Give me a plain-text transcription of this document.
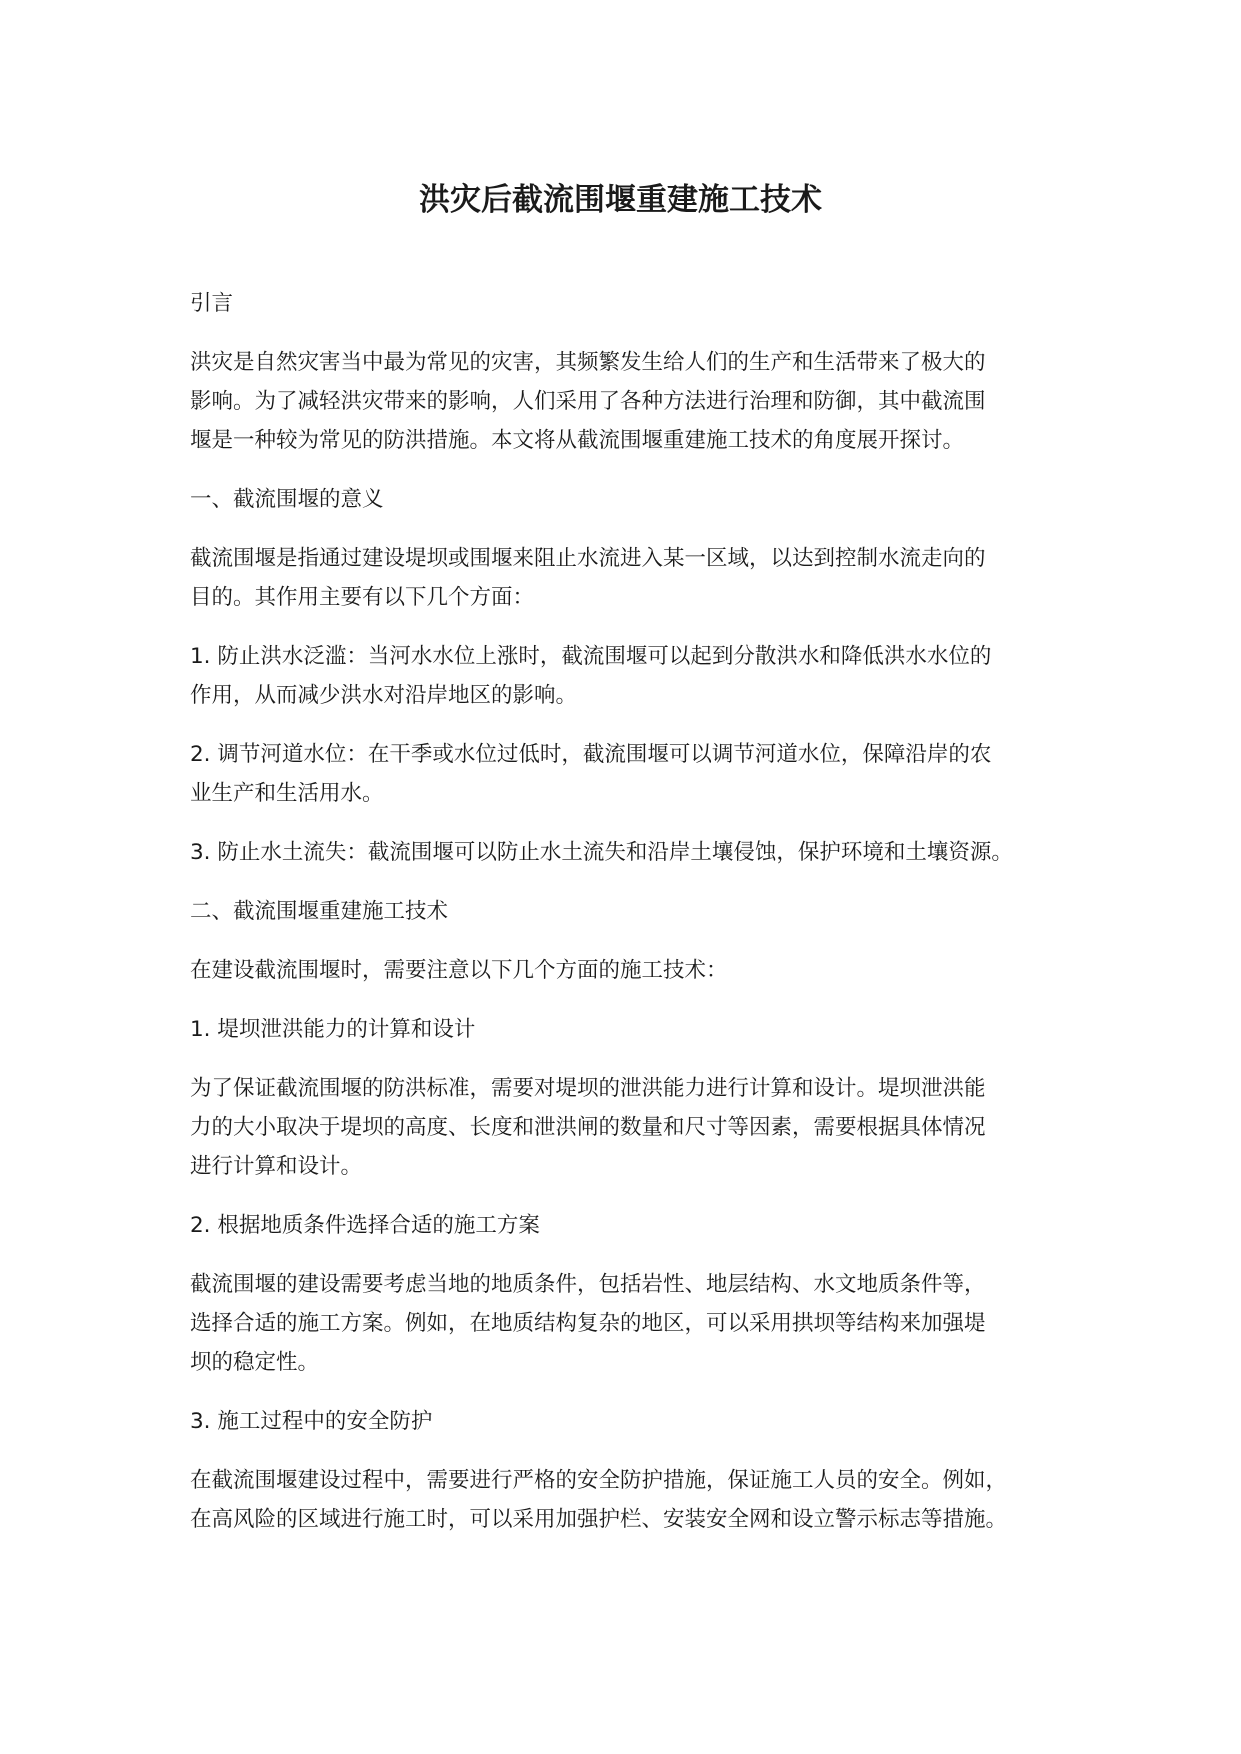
洪灾后截流围堰重建施工技术

引言

洪灾是自然灾害当中最为常见的灾害，其频繁发生给人们的生产和生活带来了极大的
影响。为了减轻洪灾带来的影响，人们采用了各种方法进行治理和防御，其中截流围
堰是一种较为常见的防洪措施。本文将从截流围堰重建施工技术的角度展开探讨。

一、截流围堰的意义

截流围堰是指通过建设堤坝或围堰来阻止水流进入某一区域，以达到控制水流走向的
目的。其作用主要有以下几个方面：

1. 防止洪水泛滥：当河水水位上涨时，截流围堰可以起到分散洪水和降低洪水水位的
作用，从而减少洪水对沿岸地区的影响。

2. 调节河道水位：在干季或水位过低时，截流围堰可以调节河道水位，保障沿岸的农
业生产和生活用水。

3. 防止水土流失：截流围堰可以防止水土流失和沿岸土壤侵蚀，保护环境和土壤资源。

二、截流围堰重建施工技术

在建设截流围堰时，需要注意以下几个方面的施工技术：

1. 堤坝泄洪能力的计算和设计

为了保证截流围堰的防洪标准，需要对堤坝的泄洪能力进行计算和设计。堤坝泄洪能
力的大小取决于堤坝的高度、长度和泄洪闸的数量和尺寸等因素，需要根据具体情况
进行计算和设计。

2. 根据地质条件选择合适的施工方案

截流围堰的建设需要考虑当地的地质条件，包括岩性、地层结构、水文地质条件等，
选择合适的施工方案。例如，在地质结构复杂的地区，可以采用拱坝等结构来加强堤
坝的稳定性。

3. 施工过程中的安全防护

在截流围堰建设过程中，需要进行严格的安全防护措施，保证施工人员的安全。例如，
在高风险的区域进行施工时，可以采用加强护栏、安装安全网和设立警示标志等措施。
